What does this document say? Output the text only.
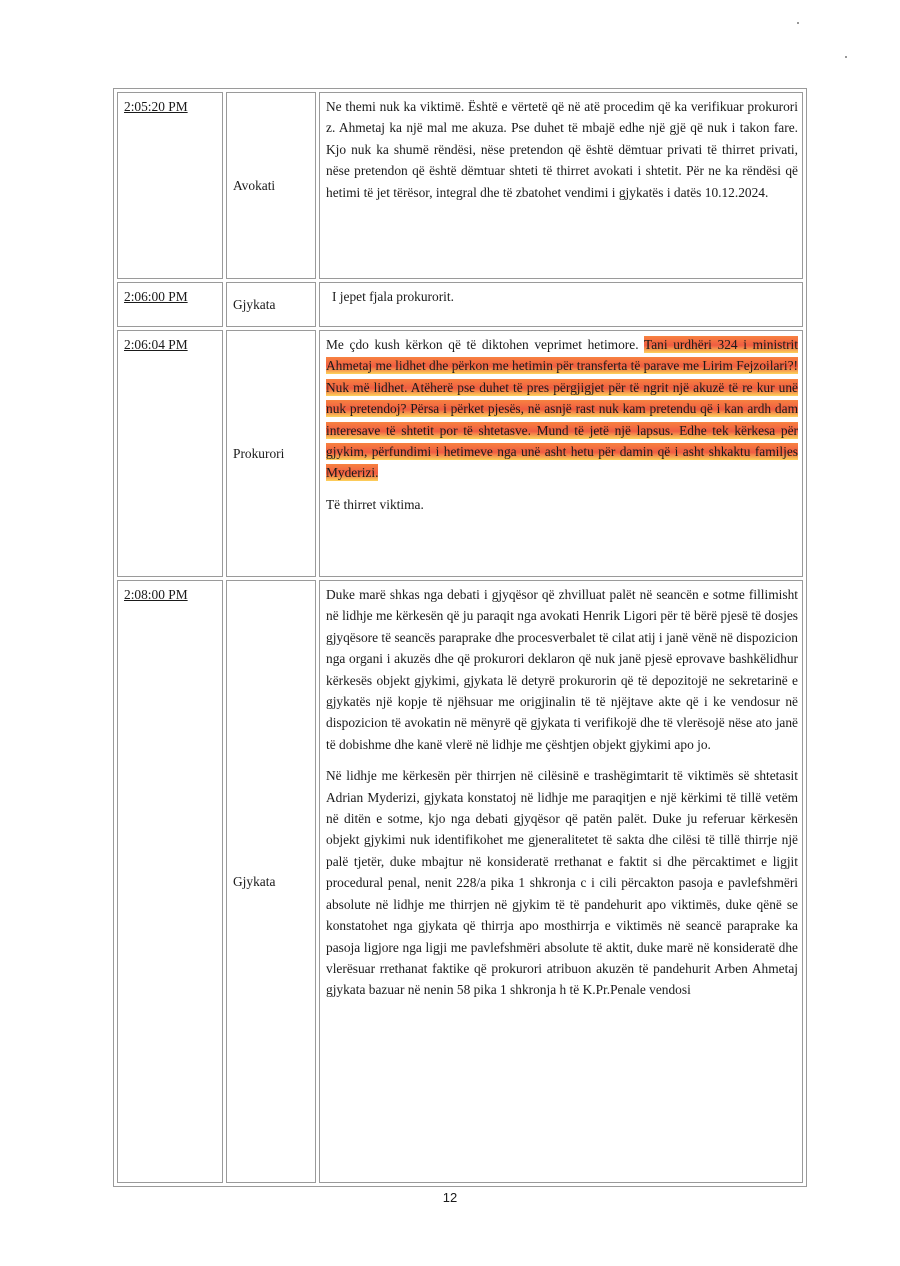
2:05:20 PM	Avokati	Ne themi nuk ka viktimë. Është e vërtetë që në atë procedim që ka verifikuar prokurori z. Ahmetaj ka një mal me akuza. Pse duhet të mbajë edhe një gjë që nuk i takon fare. Kjo nuk ka shumë rëndësi, nëse pretendon që është dëmtuar privati të thirret privati, nëse pretendon që është dëmtuar shteti të thirret avokati i shtetit. Për ne ka rëndësi që hetimi të jet tërësor, integral dhe të zbatohet vendimi i gjykatës i datës 10.12.2024.

2:06:00 PM	Gjykata	I jepet fjala prokurorit.

2:06:04 PM	Prokurori	Me çdo kush kërkon që të diktohen veprimet hetimore. Tani urdhëri 324 i ministrit Ahmetaj me lidhet dhe përkon me hetimin për transferta të parave me Lirim Fejzoilari?! Nuk më lidhet. Atëherë pse duhet të pres përgjigjet për të ngrit një akuzë të re kur unë nuk pretendoj? Përsa i përket pjesës, në asnjë rast nuk kam pretendu që i kan ardh dam interesave të shtetit por të shtetasve. Mund të jetë një lapsus. Edhe tek kërkesa për gjykim, përfundimi i hetimeve nga unë asht hetu për damin që i asht shkaktu familjes Myderizi.

Të thirret viktima.

2:08:00 PM	Gjykata	Duke marë shkas nga debati i gjyqësor që zhvilluat palët në seancën e sotme fillimisht në lidhje me kërkesën që ju paraqit nga avokati Henrik Ligori për të bërë pjesë të dosjes gjyqësore të seancës paraprake dhe procesverbalet të cilat atij i janë vënë në dispozicion nga organi i akuzës dhe që prokurori deklaron që nuk janë pjesë eprovave bashkëlidhur kërkesës objekt gjykimi, gjykata lë detyrë prokurorin që të depozitojë ne sekretarinë e gjykatës një kopje të njëhsuar me origjinalin të të njëjtave akte që i ke vendosur në dispozicion të avokatin në mënyrë që gjykata ti verifikojë dhe të vlerësojë nëse ato janë të dobishme dhe kanë vlerë në lidhje me çështjen objekt gjykimi apo jo.

Në lidhje me kërkesën për thirrjen në cilësinë e trashëgimtarit të viktimës së shtetasit Adrian Myderizi, gjykata konstatoj në lidhje me paraqitjen e një kërkimi të tillë vetëm në ditën e sotme, kjo nga debati gjyqësor që patën palët. Duke ju referuar kërkesën objekt gjykimi nuk identifikohet me gjeneralitetet të sakta dhe cilësi të tillë thirrje një palë tjetër, duke mbajtur në konsideratë rrethanat e faktit si dhe përcaktimet e ligjit procedural penal, nenit 228/a pika 1 shkronja c i cili përcakton pasoja e pavlefshmëri absolute në lidhje me thirrjen në gjykim të të pandehurit apo viktimës, duke qënë se konstatohet nga gjykata që thirrja apo mosthirrja e viktimës në seancë paraprake ka pasoja ligjore nga ligji me pavlefshmëri absolute të aktit, duke marë në konsideratë dhe vlerësuar rrethanat faktike që prokurori atribuon akuzën të pandehurit Arben Ahmetaj gjykata bazuar në nenin 58 pika 1 shkronja h të K.Pr.Penale vendosi

12
